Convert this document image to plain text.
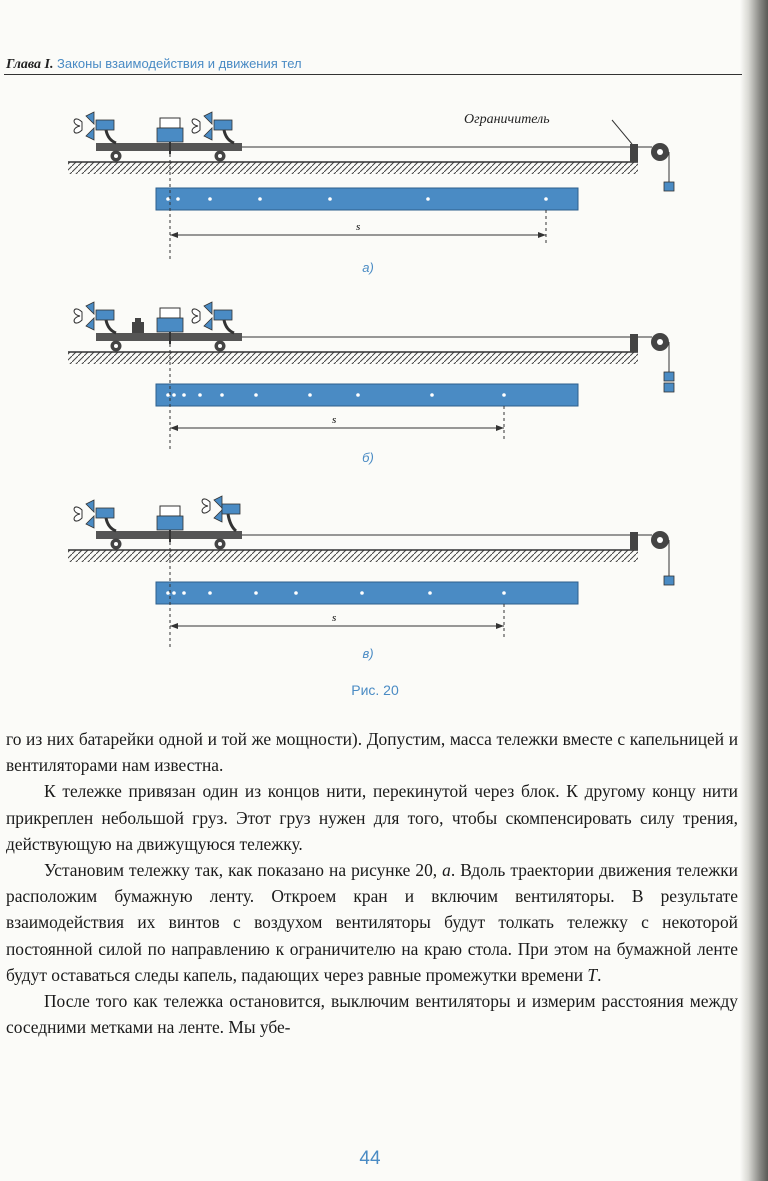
Глава I. Законы взаимодействия и движения тел
Ограничитель
s
а)
s
б)
s
в)
Рис. 20

го из них батарейки одной и той же мощности). Допустим, масса тележки вместе с капельницей и вентиляторами нам известна.

К тележке привязан один из концов нити, перекинутой через блок. К другому концу нити прикреплен небольшой груз. Этот груз нужен для того, чтобы скомпенсировать силу трения, действующую на движущуюся тележку.

Установим тележку так, как показано на рисунке 20, а. Вдоль траектории движения тележки расположим бумажную ленту. Откроем кран и включим вентиляторы. В результате взаимодействия их винтов с воздухом вентиляторы будут толкать тележку с некоторой постоянной силой по направлению к ограничителю на краю стола. При этом на бумажной ленте будут оставаться следы капель, падающих через равные промежутки времени T.

После того как тележка остановится, выключим вентиляторы и измерим расстояния между соседними метками на ленте. Мы убе-

44
